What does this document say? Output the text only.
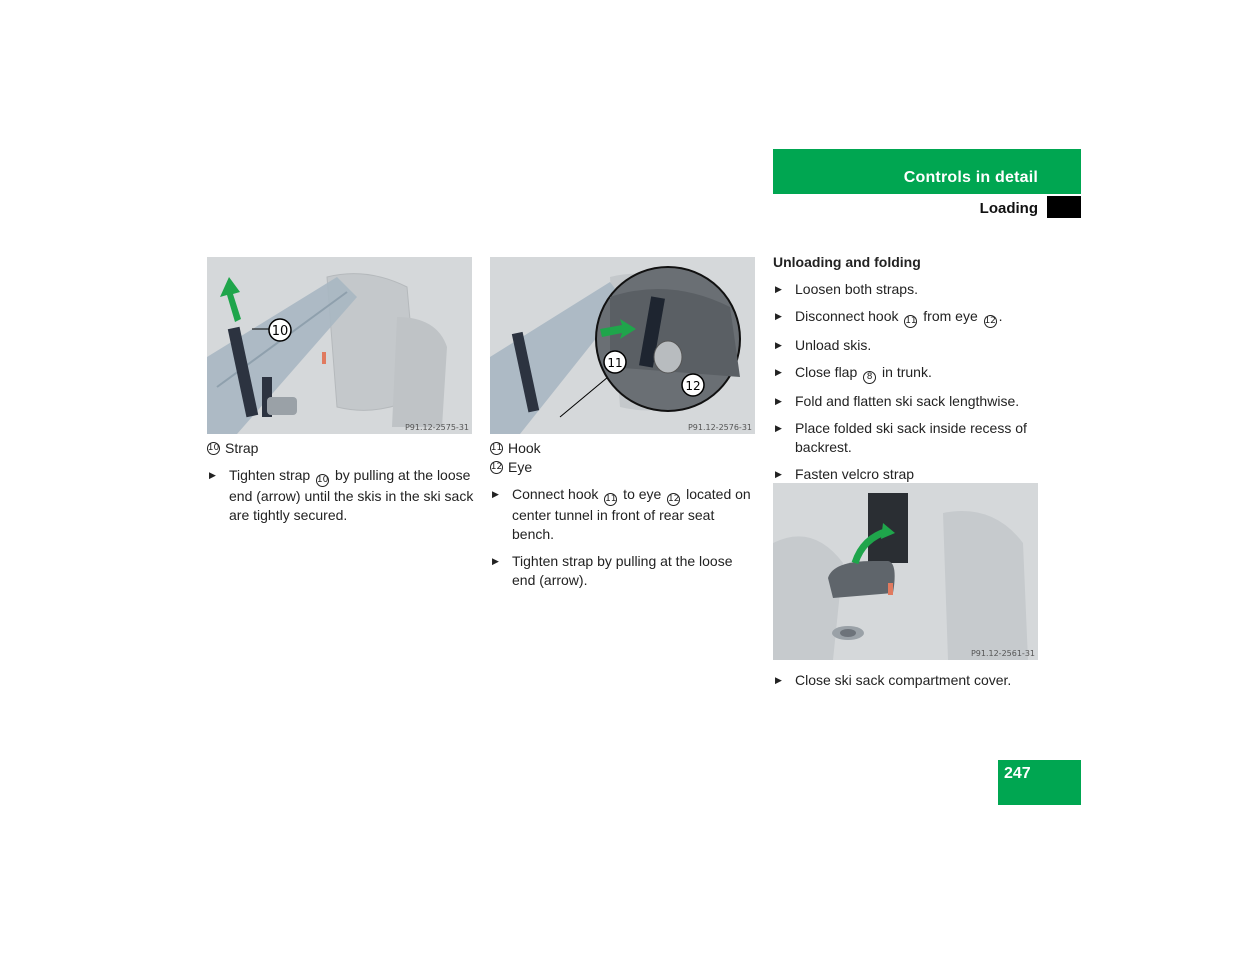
Controls in detail
Loading
10
P91.12-2575-31
11
12
P91.12-2576-31
P91.12-2561-31
10 Strap
▶ Tighten strap 10 by pulling at the loose end (arrow) until the skis in the ski sack are tightly secured.
11 Hook
12 Eye
▶ Connect hook 11 to eye 12 located on center tunnel in front of rear seat bench.
▶ Tighten strap by pulling at the loose end (arrow).
Unloading and folding
▶ Loosen both straps.
▶ Disconnect hook 11 from eye 12 .
▶ Unload skis.
▶ Close flap 8 in trunk.
▶ Fold and flatten ski sack lengthwise.
▶ Place folded ski sack inside recess of backrest.
▶ Fasten velcro strap
▶ Close ski sack compartment cover.
247
